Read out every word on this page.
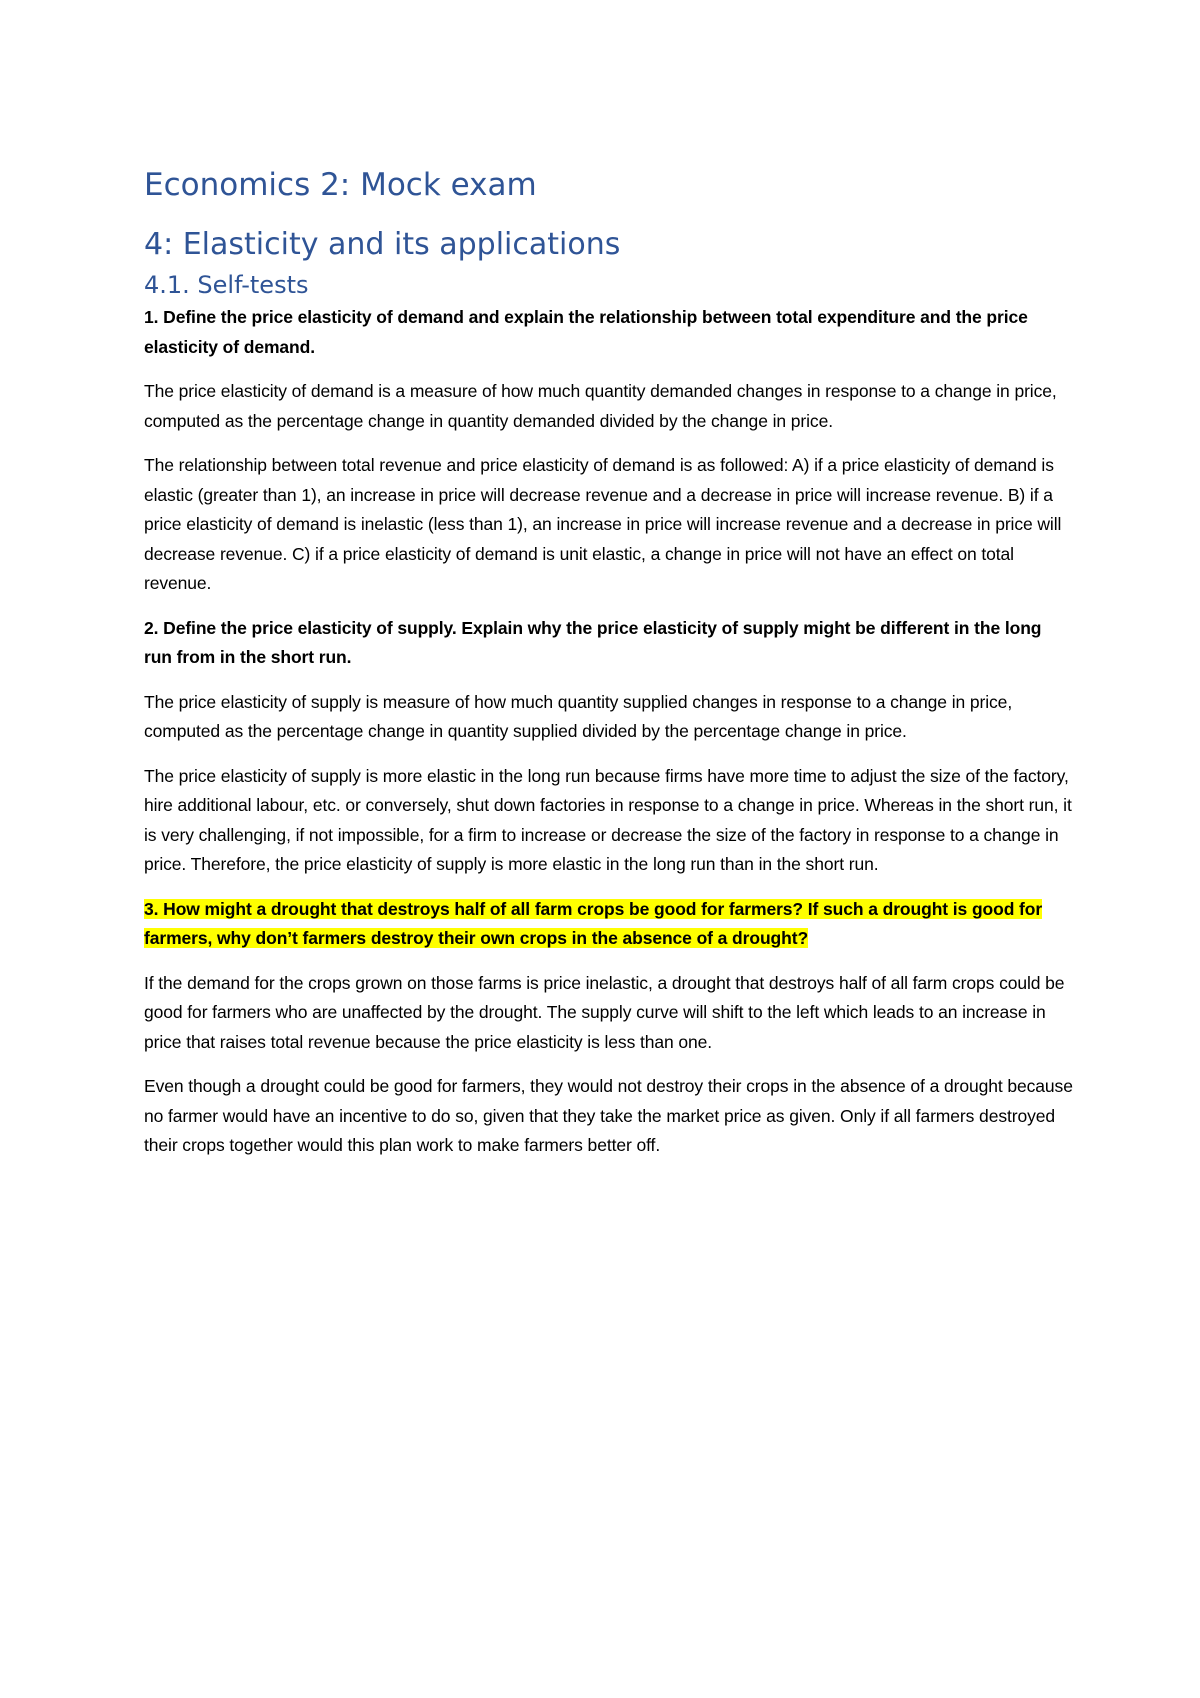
Economics 2: Mock exam
4: Elasticity and its applications
4.1. Self-tests

1. Define the price elasticity of demand and explain the relationship between total expenditure and the price elasticity of demand.

The price elasticity of demand is a measure of how much quantity demanded changes in response to a change in price, computed as the percentage change in quantity demanded divided by the change in price.

The relationship between total revenue and price elasticity of demand is as followed: A) if a price elasticity of demand is elastic (greater than 1), an increase in price will decrease revenue and a decrease in price will increase revenue. B) if a price elasticity of demand is inelastic (less than 1), an increase in price will increase revenue and a decrease in price will decrease revenue. C) if a price elasticity of demand is unit elastic, a change in price will not have an effect on total revenue.

2. Define the price elasticity of supply. Explain why the price elasticity of supply might be different in the long run from in the short run.

The price elasticity of supply is measure of how much quantity supplied changes in response to a change in price, computed as the percentage change in quantity supplied divided by the percentage change in price.

The price elasticity of supply is more elastic in the long run because firms have more time to adjust the size of the factory, hire additional labour, etc. or conversely, shut down factories in response to a change in price. Whereas in the short run, it is very challenging, if not impossible, for a firm to increase or decrease the size of the factory in response to a change in price. Therefore, the price elasticity of supply is more elastic in the long run than in the short run.

3. How might a drought that destroys half of all farm crops be good for farmers? If such a drought is good for farmers, why don’t farmers destroy their own crops in the absence of a drought?

If the demand for the crops grown on those farms is price inelastic, a drought that destroys half of all farm crops could be good for farmers who are unaffected by the drought. The supply curve will shift to the left which leads to an increase in price that raises total revenue because the price elasticity is less than one.

Even though a drought could be good for farmers, they would not destroy their crops in the absence of a drought because no farmer would have an incentive to do so, given that they take the market price as given. Only if all farmers destroyed their crops together would this plan work to make farmers better off.
